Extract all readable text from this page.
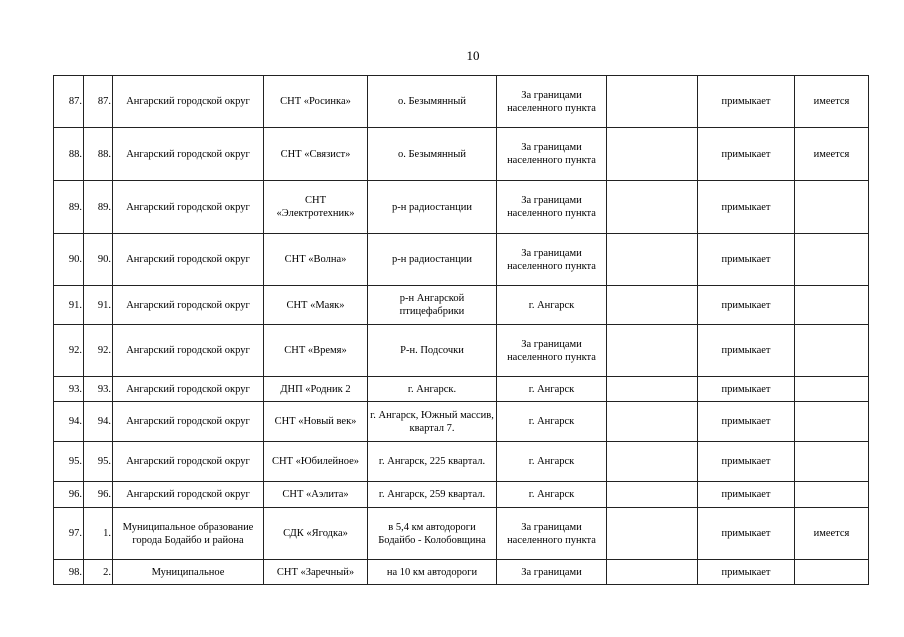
10
87.	87.	Ангарский городской округ	СНТ «Росинка»	о. Безымянный	За границами населенного пункта		примыкает	имеется
88.	88.	Ангарский городской округ	СНТ «Связист»	о. Безымянный	За границами населенного пункта		примыкает	имеется
89.	89.	Ангарский городской округ	СНТ «Электротехник»	р-н радиостанции	За границами населенного пункта		примыкает	
90.	90.	Ангарский городской округ	СНТ «Волна»	р-н радиостанции	За границами населенного пункта		примыкает	
91.	91.	Ангарский городской округ	СНТ «Маяк»	р-н Ангарской птицефабрики	г. Ангарск		примыкает	
92.	92.	Ангарский городской округ	СНТ «Время»	Р-н. Подсочки	За границами населенного пункта		примыкает	
93.	93.	Ангарский городской округ	ДНП «Родник 2	г. Ангарск.	г. Ангарск		примыкает	
94.	94.	Ангарский городской округ	СНТ «Новый век»	г. Ангарск, Южный массив, квартал 7.	г. Ангарск		примыкает	
95.	95.	Ангарский городской округ	СНТ «Юбилейное»	г. Ангарск, 225 квартал.	г. Ангарск		примыкает	
96.	96.	Ангарский городской округ	СНТ «Аэлита»	г. Ангарск, 259 квартал.	г. Ангарск		примыкает	
97.	1.	Муниципальное образование города Бодайбо и района	СДК «Ягодка»	в 5,4 км автодороги Бодайбо - Колобовщина	За границами населенного пункта		примыкает	имеется
98.	2.	Муниципальное	СНТ «Заречный»	на 10 км автодороги	За границами		примыкает	
